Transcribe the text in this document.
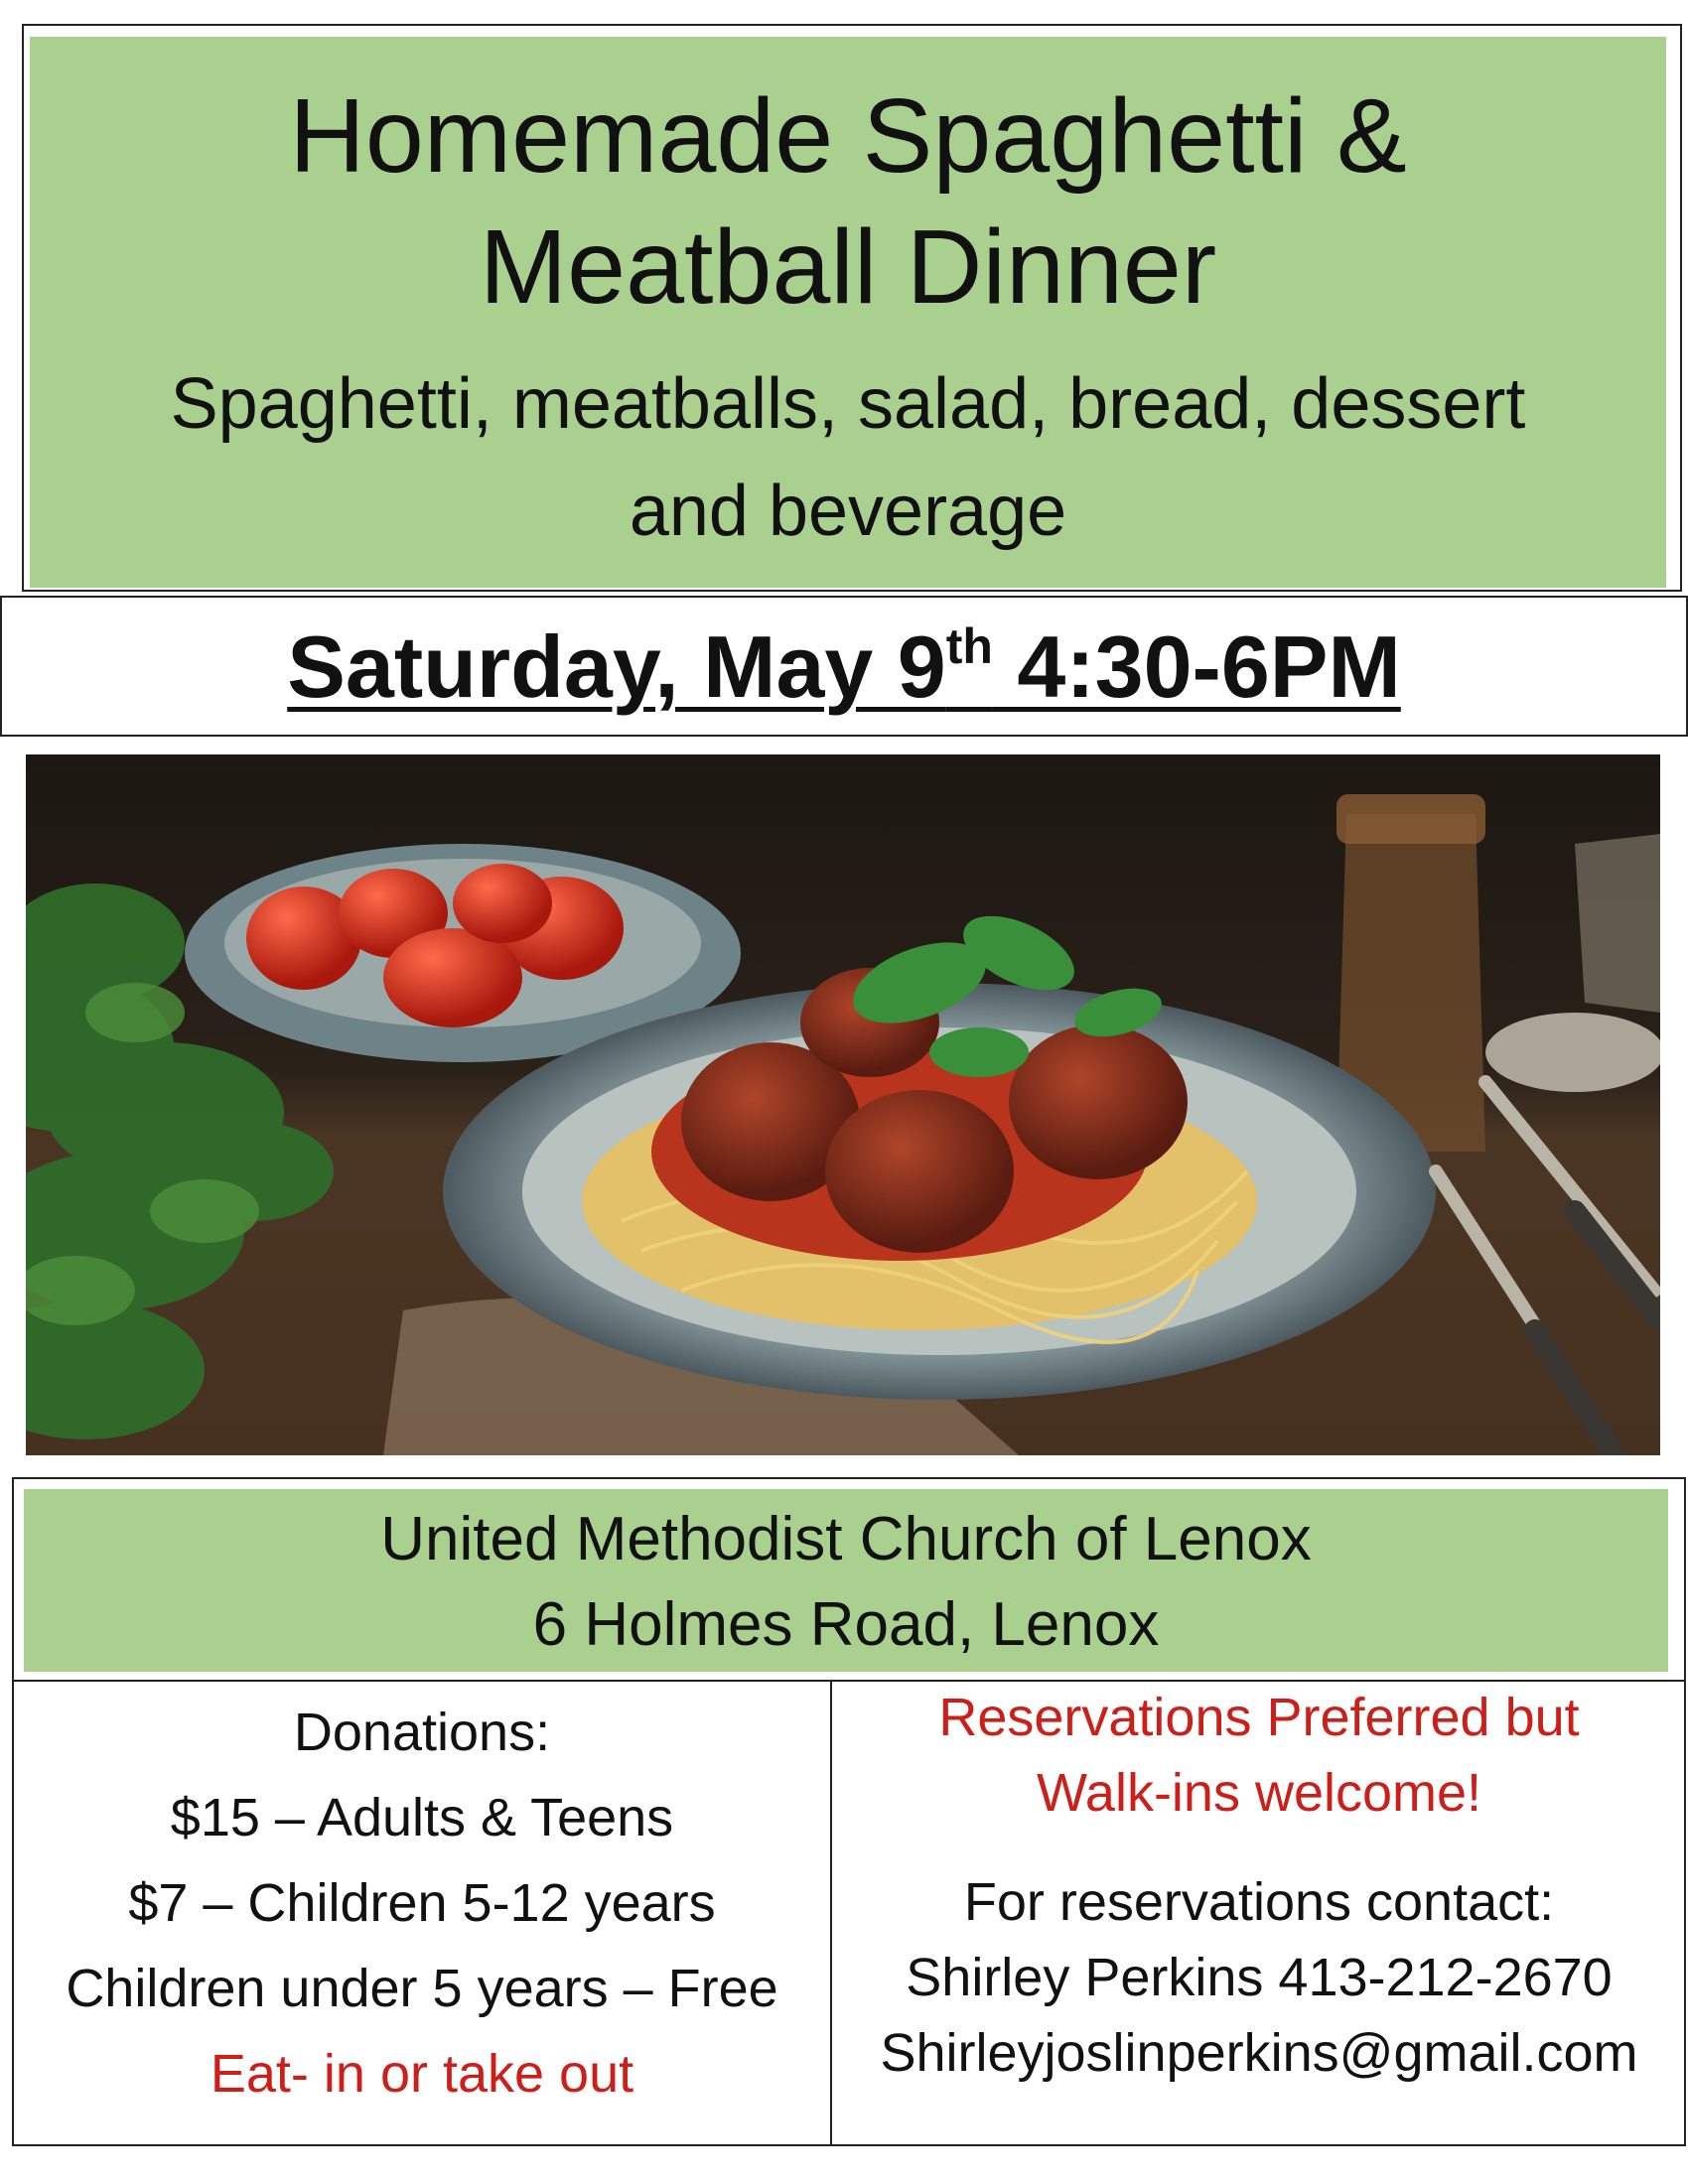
Homemade Spaghetti &
Meatball Dinner
Spaghetti, meatballs, salad, bread, dessert
and beverage
Saturday, May 9th 4:30-6PM
United Methodist Church of Lenox
6 Holmes Road, Lenox
Donations:
$15 – Adults & Teens
$7 – Children 5-12 years
Children under 5 years – Free
Eat- in or take out
Reservations Preferred but
Walk-ins welcome!
For reservations contact:
Shirley Perkins 413-212-2670
Shirleyjoslinperkins@gmail.com
